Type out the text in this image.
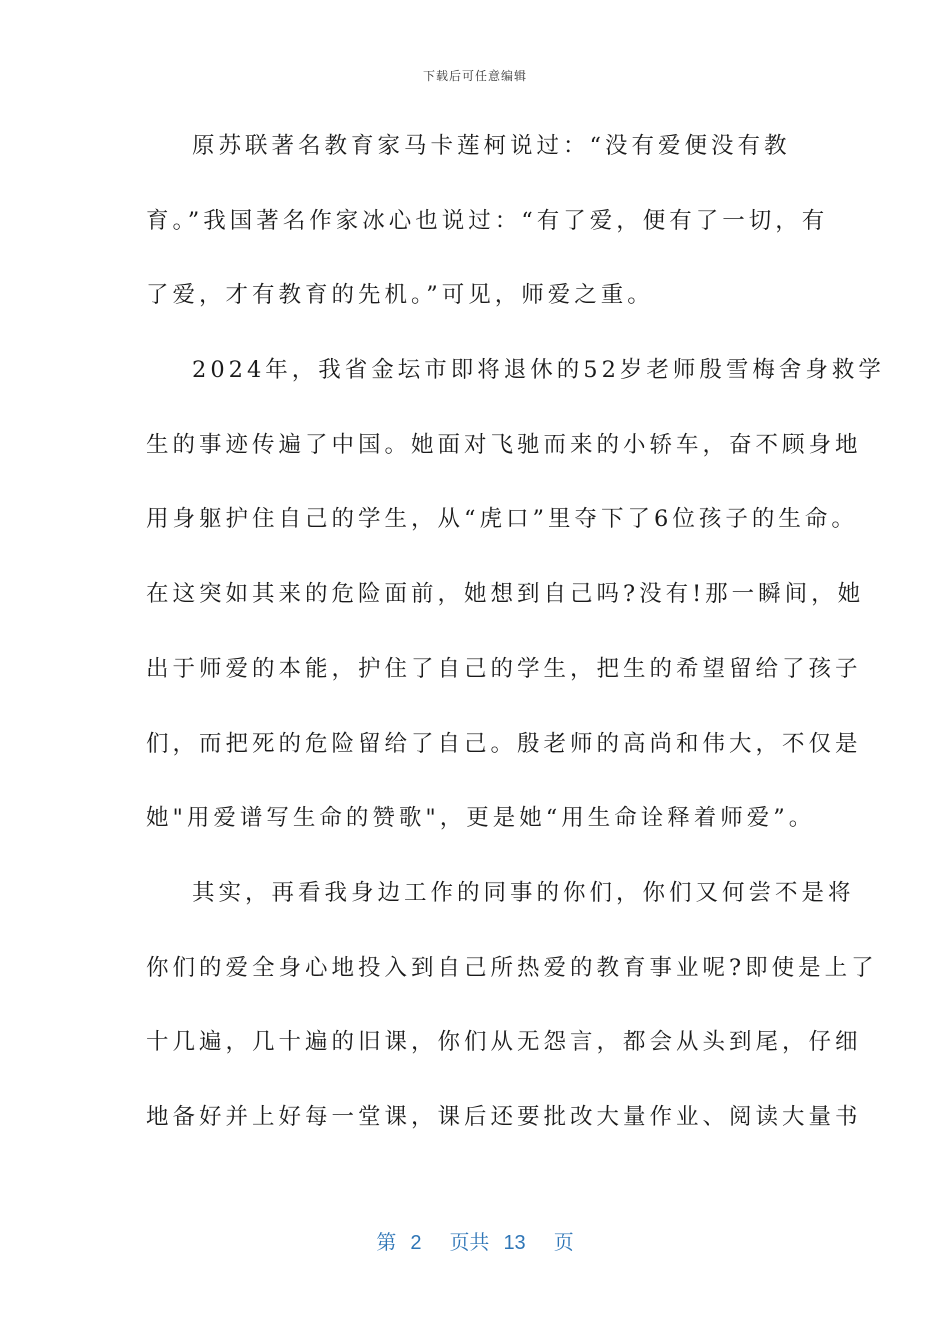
下载后可任意编辑
原苏联著名教育家马卡莲柯说过：“没有爱便没有教
育。”我国著名作家冰心也说过：“有了爱，便有了一切，有
了爱，才有教育的先机。”可见，师爱之重。
2024年，我省金坛市即将退休的52岁老师殷雪梅舍身救学
生的事迹传遍了中国。她面对飞驰而来的小轿车，奋不顾身地
用身躯护住自己的学生，从“虎口”里夺下了6位孩子的生命。
在这突如其来的危险面前，她想到自己吗?没有!那一瞬间，她
出于师爱的本能，护住了自己的学生，把生的希望留给了孩子
们，而把死的危险留给了自己。殷老师的高尚和伟大，不仅是
她"用爱谱写生命的赞歌"，更是她“用生命诠释着师爱”。
其实，再看我身边工作的同事的你们，你们又何尝不是将
你们的爱全身心地投入到自己所热爱的教育事业呢?即使是上了
十几遍，几十遍的旧课，你们从无怨言，都会从头到尾，仔细
地备好并上好每一堂课，课后还要批改大量作业、阅读大量书
第 2 页共 13 页
